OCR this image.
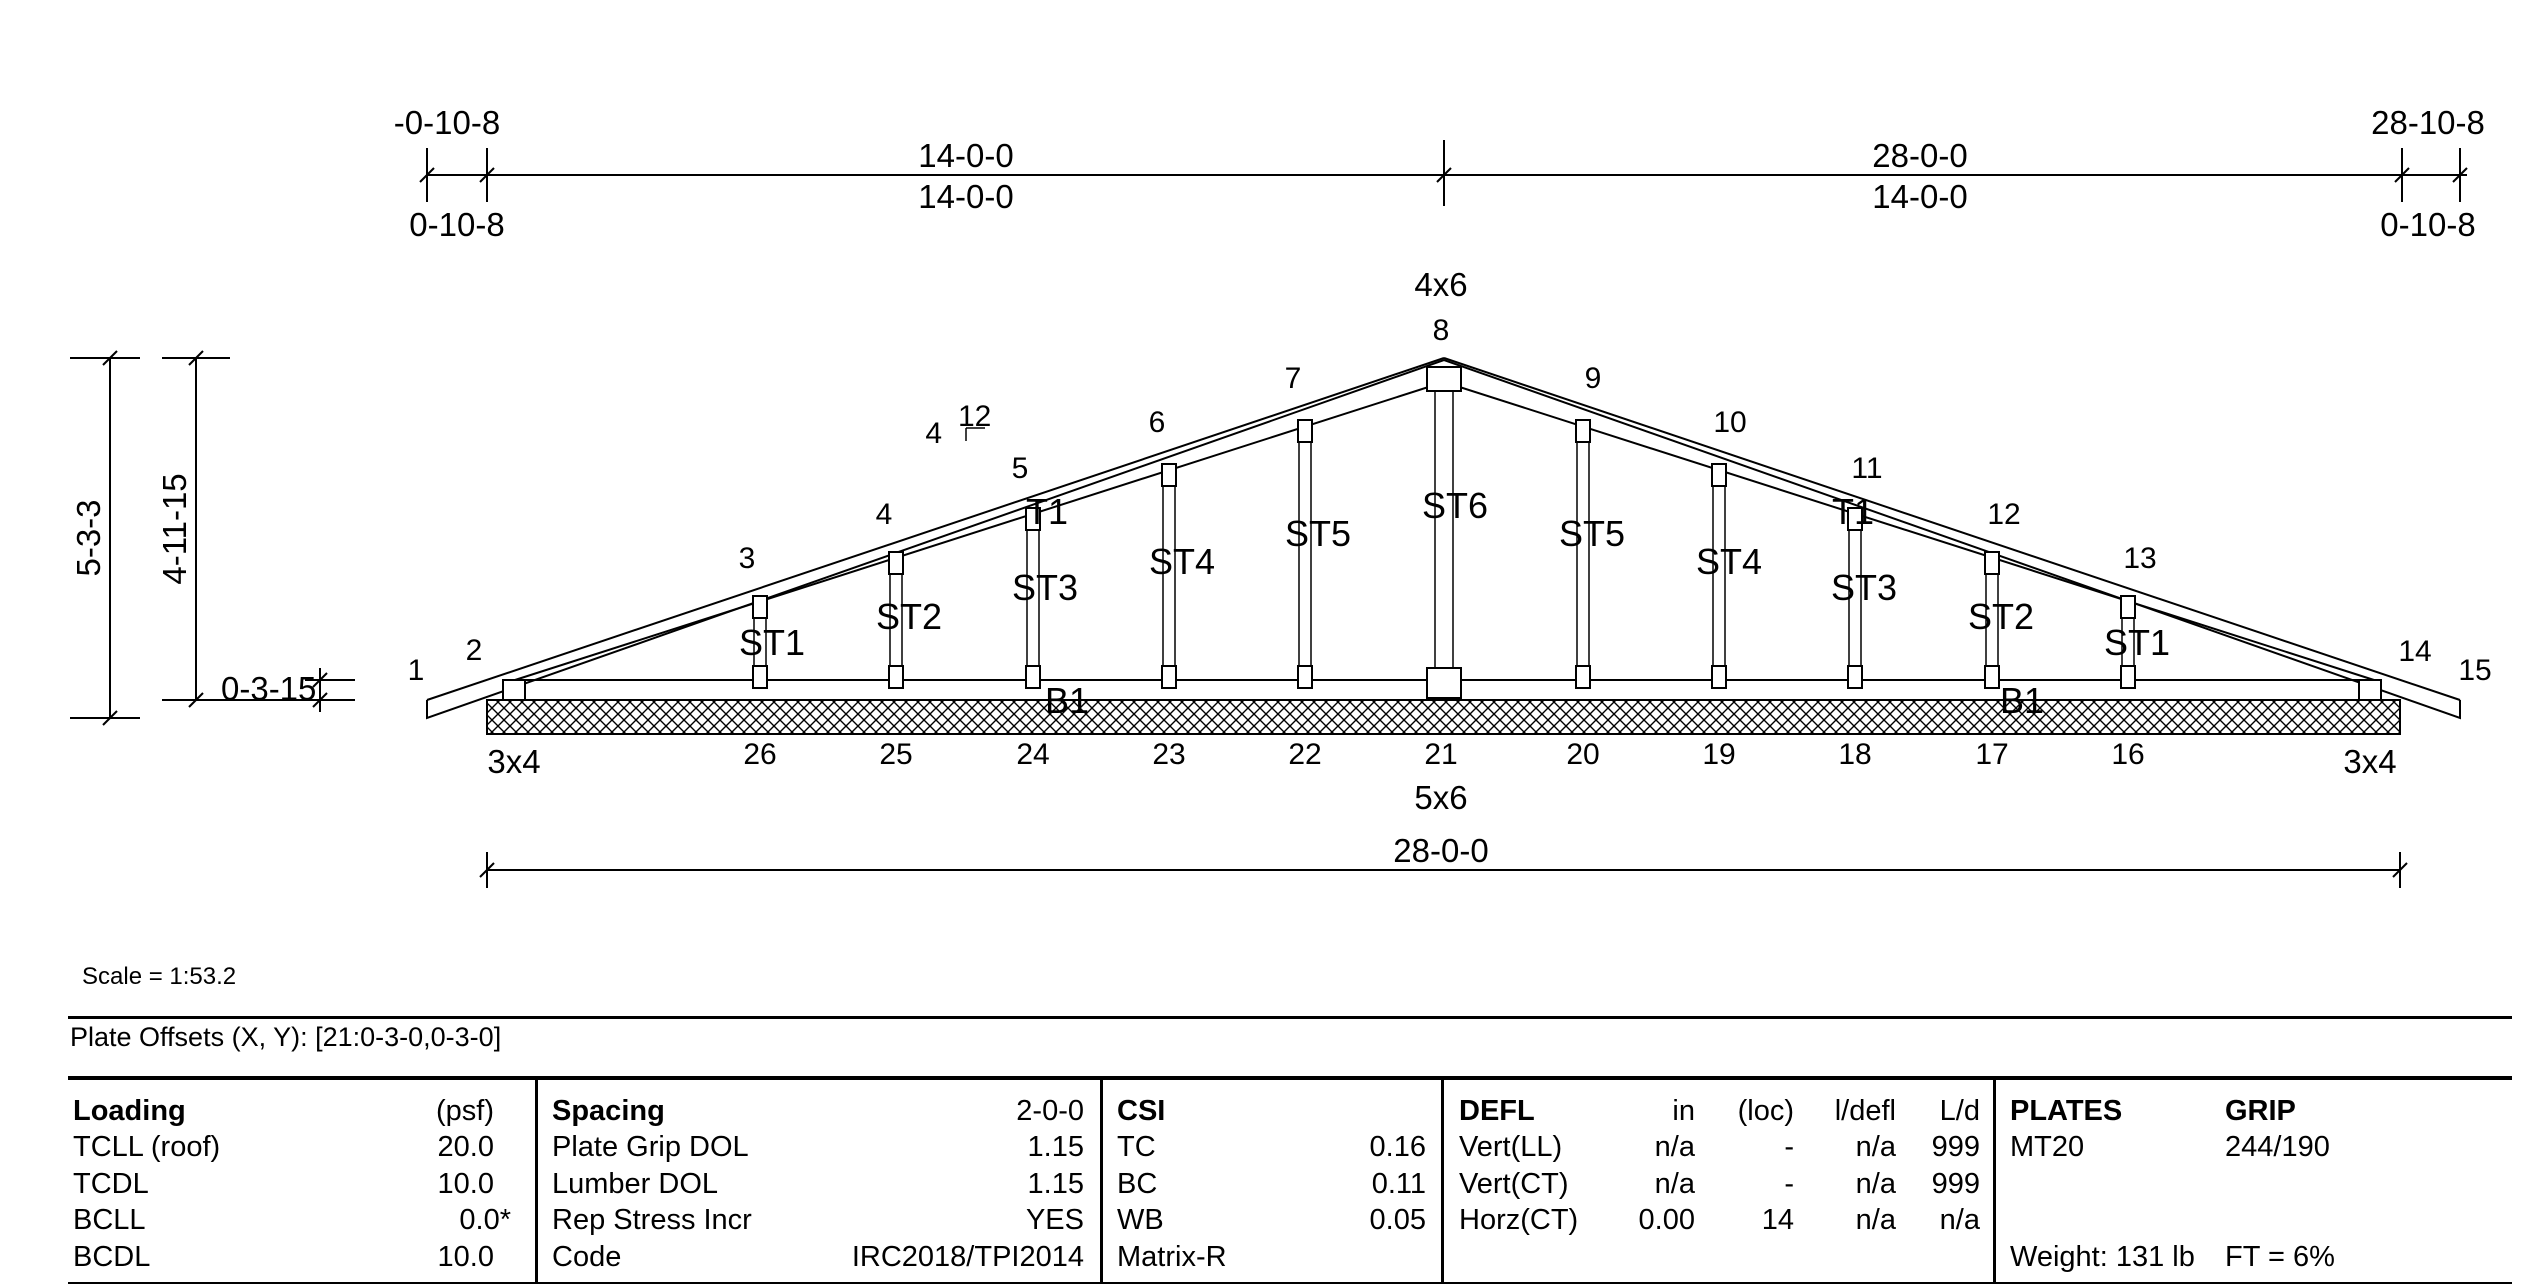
-0-10-8
0-10-8
14-0-0
14-0-0
28-0-0
14-0-0
28-10-8
0-10-8
5-3-3 4-11-15
0-3-15
4x6
3x4	3x4
5x6
4
12
1
2
3
4
5
6
7
8
9
10
11
12
13
14
15
26	25	24	23	22	21	20	19	18	17	16
ST1
ST2
ST3
ST4
ST5
ST6
ST5
ST4
ST3
ST2
ST1
T1	T1
B1	B1
28-0-0
Scale = 1:53.2
Plate Offsets (X, Y): [21:0-3-0,0-3-0]
Loading	(psf)
TCLL (roof)	20.0
TCDL	10.0
BCLL	0.0*
BCDL	10.0
Spacing	2-0-0
Plate Grip DOL	1.15
Lumber DOL	1.15
Rep Stress Incr	YES
Code	IRC2018/TPI2014
CSI
TC	0.16
BC	0.11
WB	0.05
Matrix-R
DEFL	in	(loc)	l/defl	L/d
Vert(LL)	n/a	-	n/a	999
Vert(CT)	n/a	-	n/a	999
Horz(CT)	0.00	14	n/a	n/a
PLATES	GRIP
MT20	244/190
Weight: 131 lb FT = 6%
